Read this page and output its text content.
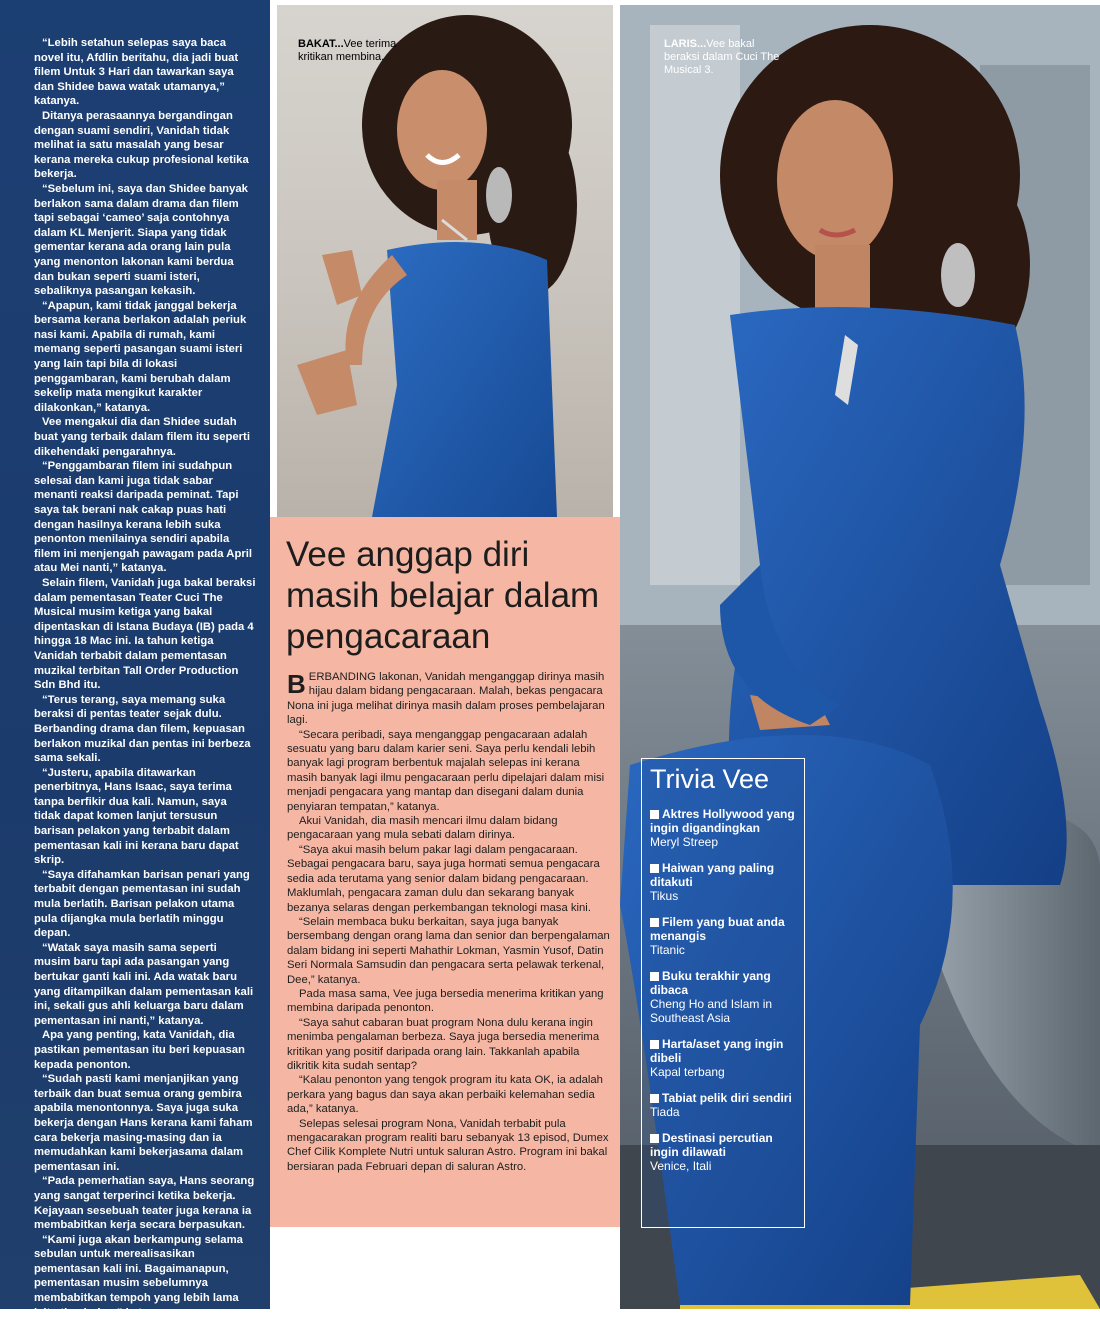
“Lebih setahun selepas saya baca novel itu, Afdlin beritahu, dia jadi buat filem Untuk 3 Hari dan tawarkan saya dan Shidee bawa watak utamanya,” katanya.

Ditanya perasaannya bergandingan dengan suami sendiri, Vanidah tidak melihat ia satu masalah yang besar kerana mereka cukup profesional ketika bekerja.

“Sebelum ini, saya dan Shidee banyak berlakon sama dalam drama dan filem tapi sebagai ‘cameo’ saja contohnya dalam KL Menjerit. Siapa yang tidak gementar kerana ada orang lain pula yang menonton lakonan kami berdua dan bukan seperti suami isteri, sebaliknya pasangan kekasih.

“Apapun, kami tidak janggal bekerja bersama kerana berlakon adalah periuk nasi kami. Apabila di rumah, kami memang seperti pasangan suami isteri yang lain tapi bila di lokasi penggambaran, kami berubah dalam sekelip mata mengikut karakter dilakonkan,” katanya.

Vee mengakui dia dan Shidee sudah buat yang terbaik dalam filem itu seperti dikehendaki pengarahnya.

“Penggambaran filem ini sudahpun selesai dan kami juga tidak sabar menanti reaksi daripada peminat. Tapi saya tak berani nak cakap puas hati dengan hasilnya kerana lebih suka penonton menilainya sendiri apabila filem ini menjengah pawagam pada April atau Mei nanti,” katanya.

Selain filem, Vanidah juga bakal beraksi dalam pementasan Teater Cuci The Musical musim ketiga yang bakal dipentaskan di Istana Budaya (IB) pada 4 hingga 18 Mac ini. Ia tahun ketiga Vanidah terbabit dalam pementasan muzikal terbitan Tall Order Production Sdn Bhd itu.

“Terus terang, saya memang suka beraksi di pentas teater sejak dulu. Berbanding drama dan filem, kepuasan berlakon muzikal dan pentas ini berbeza sama sekali.

“Justeru, apabila ditawarkan penerbitnya, Hans Isaac, saya terima tanpa berfikir dua kali. Namun, saya tidak dapat komen lanjut tersusun barisan pelakon yang terbabit dalam pementasan kali ini kerana baru dapat skrip.

“Saya difahamkan barisan penari yang terbabit dengan pementasan ini sudah mula berlatih. Barisan pelakon utama pula dijangka mula berlatih minggu depan.

“Watak saya masih sama seperti musim baru tapi ada pasangan yang bertukar ganti kali ini. Ada watak baru yang ditampilkan dalam pementasan kali ini, sekali gus ahli keluarga baru dalam pementasan ini nanti,” katanya.

Apa yang penting, kata Vanidah, dia pastikan pementasan itu beri kepuasan kepada penonton.

“Sudah pasti kami menjanjikan yang terbaik dan buat semua orang gembira apabila menontonnya. Saya juga suka bekerja dengan Hans kerana kami faham cara bekerja masing-masing dan ia memudahkan kami bekerjasama dalam pementasan ini.

“Pada pemerhatian saya, Hans seorang yang sangat terperinci ketika bekerja. Kejayaan sesebuah teater juga kerana ia membabitkan kerja secara berpasukan.

“Kami juga akan berkampung selama sebulan untuk merealisasikan pementasan kali ini. Bagaimanapun, pementasan musim sebelumnya membabitkan tempoh yang lebih lama iaitu tiga bulan,” katanya.

BAKAT...Vee terima kritikan membina.
LARIS...Vee bakal beraksi dalam Cuci The Musical 3.
Vee anggap diri masih belajar dalam pengacaraan

BERBANDING lakonan, Vanidah menganggap dirinya masih hijau dalam bidang pengacaraan. Malah, bekas pengacara Nona ini juga melihat dirinya masih dalam proses pembelajaran lagi.

“Secara peribadi, saya menganggap pengacaraan adalah sesuatu yang baru dalam karier seni. Saya perlu kendali lebih banyak lagi program berbentuk majalah selepas ini kerana masih banyak lagi ilmu pengacaraan perlu dipelajari dalam misi menjadi pengacara yang mantap dan disegani dalam dunia penyiaran tempatan,” katanya.

Akui Vanidah, dia masih mencari ilmu dalam bidang pengacaraan yang mula sebati dalam dirinya.

“Saya akui masih belum pakar lagi dalam pengacaraan. Sebagai pengacara baru, saya juga hormati semua pengacara sedia ada terutama yang senior dalam bidang pengacaraan. Maklumlah, pengacara zaman dulu dan sekarang banyak bezanya selaras dengan perkembangan teknologi masa kini.

“Selain membaca buku berkaitan, saya juga banyak bersembang dengan orang lama dan senior dan berpengalaman dalam bidang ini seperti Mahathir Lokman, Yasmin Yusof, Datin Seri Normala Samsudin dan pengacara serta pelawak terkenal, Dee,” katanya.

Pada masa sama, Vee juga bersedia menerima kritikan yang membina daripada penonton.

“Saya sahut cabaran buat program Nona dulu kerana ingin menimba pengalaman berbeza. Saya juga bersedia menerima kritikan yang positif daripada orang lain. Takkanlah apabila dikritik kita sudah sentap?

“Kalau penonton yang tengok program itu kata OK, ia adalah perkara yang bagus dan saya akan perbaiki kelemahan sedia ada,” katanya.

Selepas selesai program Nona, Vanidah terbabit pula mengacarakan program realiti baru sebanyak 13 episod, Dumex Chef Cilik Komplete Nutri untuk saluran Astro. Program ini bakal bersiaran pada Februari depan di saluran Astro.

Trivia Vee
Aktres Hollywood yang ingin digandingkan
Meryl Streep
Haiwan yang paling ditakuti
Tikus
Filem yang buat anda menangis
Titanic
Buku terakhir yang dibaca
Cheng Ho and Islam in Southeast Asia
Harta/aset yang ingin dibeli
Kapal terbang
Tabiat pelik diri sendiri
Tiada
Destinasi percutian ingin dilawati
Venice, Itali
